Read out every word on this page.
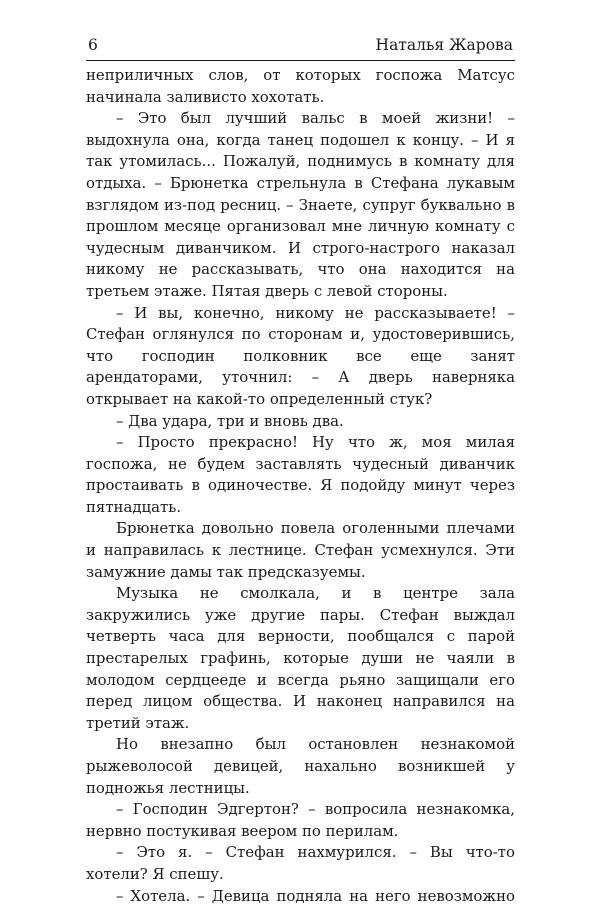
6	Наталья Жарова

неприличных слов, от которых госпожа Матсус начинала заливисто хохотать.

– Это был лучший вальс в моей жизни! – выдохнула она, когда танец подошел к концу. – И я так утомилась... Пожалуй, поднимусь в комнату для отдыха. – Брюнетка стрельнула в Стефана лукавым взглядом из-под ресниц. – Знаете, супруг буквально в прошлом месяце организовал мне личную комнату с чудесным диванчиком. И строго-настрого наказал никому не рассказывать, что она находится на третьем этаже. Пятая дверь с левой стороны.

– И вы, конечно, никому не рассказываете! – Стефан оглянулся по сторонам и, удостоверившись, что господин полковник все еще занят арендаторами, уточнил: – А дверь наверняка открывает на какой-то определенный стук?

– Два удара, три и вновь два.

– Просто прекрасно! Ну что ж, моя милая госпожа, не будем заставлять чудесный диванчик простаивать в одиночестве. Я подойду минут через пятнадцать.

Брюнетка довольно повела оголенными плечами и направилась к лестнице. Стефан усмехнулся. Эти замужние дамы так предсказуемы.

Музыка не смолкала, и в центре зала закружились уже другие пары. Стефан выждал четверть часа для верности, пообщался с парой престарелых графинь, которые души не чаяли в молодом сердцееде и всегда рьяно защищали его перед лицом общества. И наконец направился на третий этаж.

Но внезапно был остановлен незнакомой рыжеволосой девицей, нахально возникшей у подножья лестницы.

– Господин Эдгертон? – вопросила незнакомка, нервно постукивая веером по перилам.

– Это я. – Стефан нахмурился. – Вы что-то хотели? Я спешу.

– Хотела. – Девица подняла на него невозможно
